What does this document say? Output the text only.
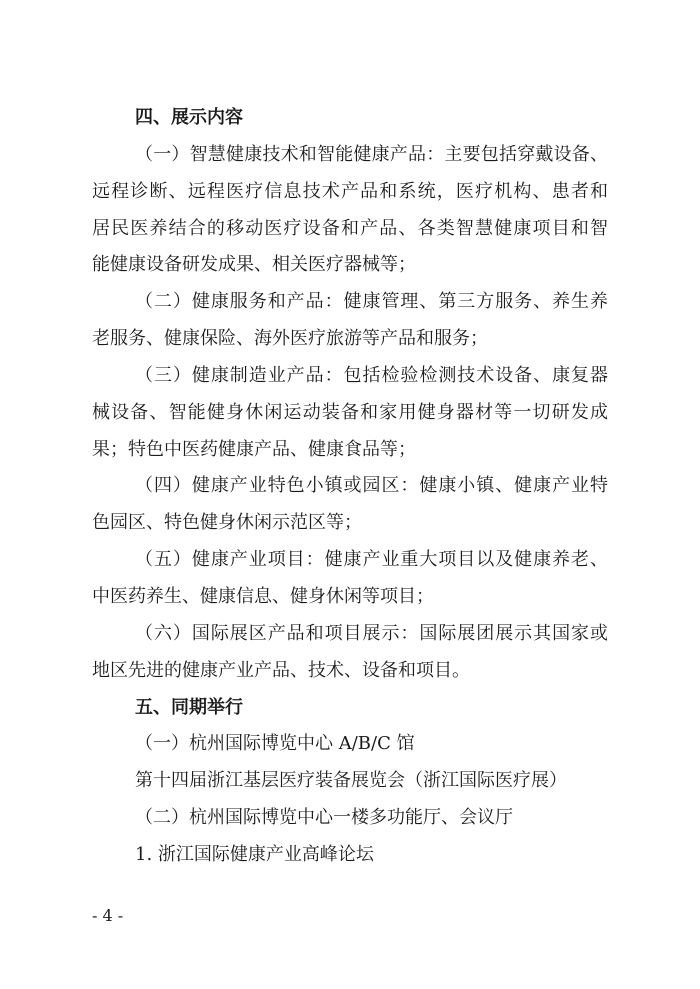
四、展示内容
（一）智慧健康技术和智能健康产品：主要包括穿戴设备、
远程诊断、远程医疗信息技术产品和系统，医疗机构、患者和
居民医养结合的移动医疗设备和产品、各类智慧健康项目和智
能健康设备研发成果、相关医疗器械等；
（二）健康服务和产品：健康管理、第三方服务、养生养
老服务、健康保险、海外医疗旅游等产品和服务；
（三）健康制造业产品：包括检验检测技术设备、康复器
械设备、智能健身休闲运动装备和家用健身器材等一切研发成
果；特色中医药健康产品、健康食品等；
（四）健康产业特色小镇或园区：健康小镇、健康产业特
色园区、特色健身休闲示范区等；
（五）健康产业项目：健康产业重大项目以及健康养老、
中医药养生、健康信息、健身休闲等项目；
（六）国际展区产品和项目展示：国际展团展示其国家或
地区先进的健康产业产品、技术、设备和项目。
五、同期举行
（一）杭州国际博览中心 A/B/C 馆
第十四届浙江基层医疗装备展览会（浙江国际医疗展）
（二）杭州国际博览中心一楼多功能厅、会议厅
1. 浙江国际健康产业高峰论坛
- 4 -
